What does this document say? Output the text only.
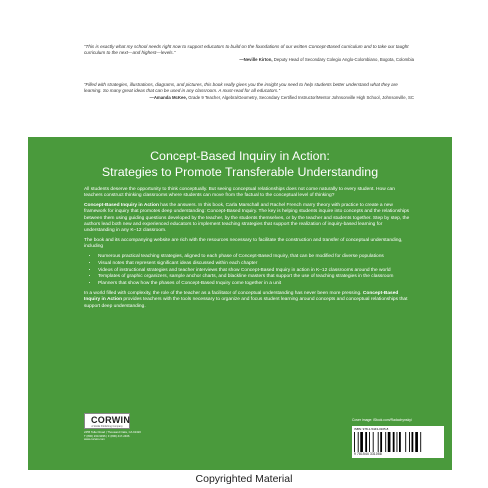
“This is exactly what my school needs right now to support educators to build on the foundations of our written Concept-Based curriculum and to take our taught curriculum to the next—and highest—levels.”
—Neville Kirton, Deputy Head of Secondary Colegio Anglo-Colombiano, Bogota, Colombia
“Filled with strategies, illustrations, diagrams, and pictures, this book really gives you the insight you need to help students better understand what they are learning. So many great ideas that can be used in any classroom. A must-read for all educators.”
—Amanda McKee, Grade 9 Teacher, Algebra/Geometry, Secondary Certified Instructor/Mentor Johnsonville High School, Johnsonville, SC
Concept-Based Inquiry in Action:
Strategies to Promote Transferable Understanding

All students deserve the opportunity to think conceptually. But seeing conceptual relationships does not come naturally to every student. How can teachers construct thinking classrooms where students can move from the factual to the conceptual level of thinking?

Concept-Based Inquiry in Action has the answers. In this book, Carla Marschall and Rachel French marry theory with practice to create a new framework for inquiry that promotes deep understanding: Concept-Based Inquiry. The key is helping students inquire into concepts and the relationships between them using guiding questions developed by the teacher, by the students themselves, or by the teacher and students together. Step by step, the authors lead both new and experienced educators to implement teaching strategies that support the realization of inquiry-based learning for understanding in any K–12 classroom.

The book and its accompanying website are rich with the resources necessary to facilitate the construction and transfer of conceptual understanding, including

• Numerous practical teaching strategies, aligned to each phase of Concept-Based Inquiry, that can be modified for diverse populations
• Visual notes that represent significant ideas discussed within each chapter
• Videos of instructional strategies and teacher interviews that show Concept-Based Inquiry in action in K–12 classrooms around the world
• Templates of graphic organizers, sample anchor charts, and blackline masters that support the use of teaching strategies in the classroom
• Planners that show how the phases of Concept-Based Inquiry come together in a unit

In a world filled with complexity, the role of the teacher as a facilitator of conceptual understanding has never been more pressing. Concept-Based Inquiry in Action provides teachers with the tools necessary to organize and focus student learning around concepts and conceptual relationships that support deep understanding.

CORWIN
A SAGE Publishing Company
2455 Teller Road | Thousand Oaks, CA 91320
T (800) 233-9936 | F (800) 417-2466
www.corwin.com
Cover image: iStock.com/Radachynskyi
ISBN: 978-1-5443-3105-8
9 781544 331058
Copyrighted Material
